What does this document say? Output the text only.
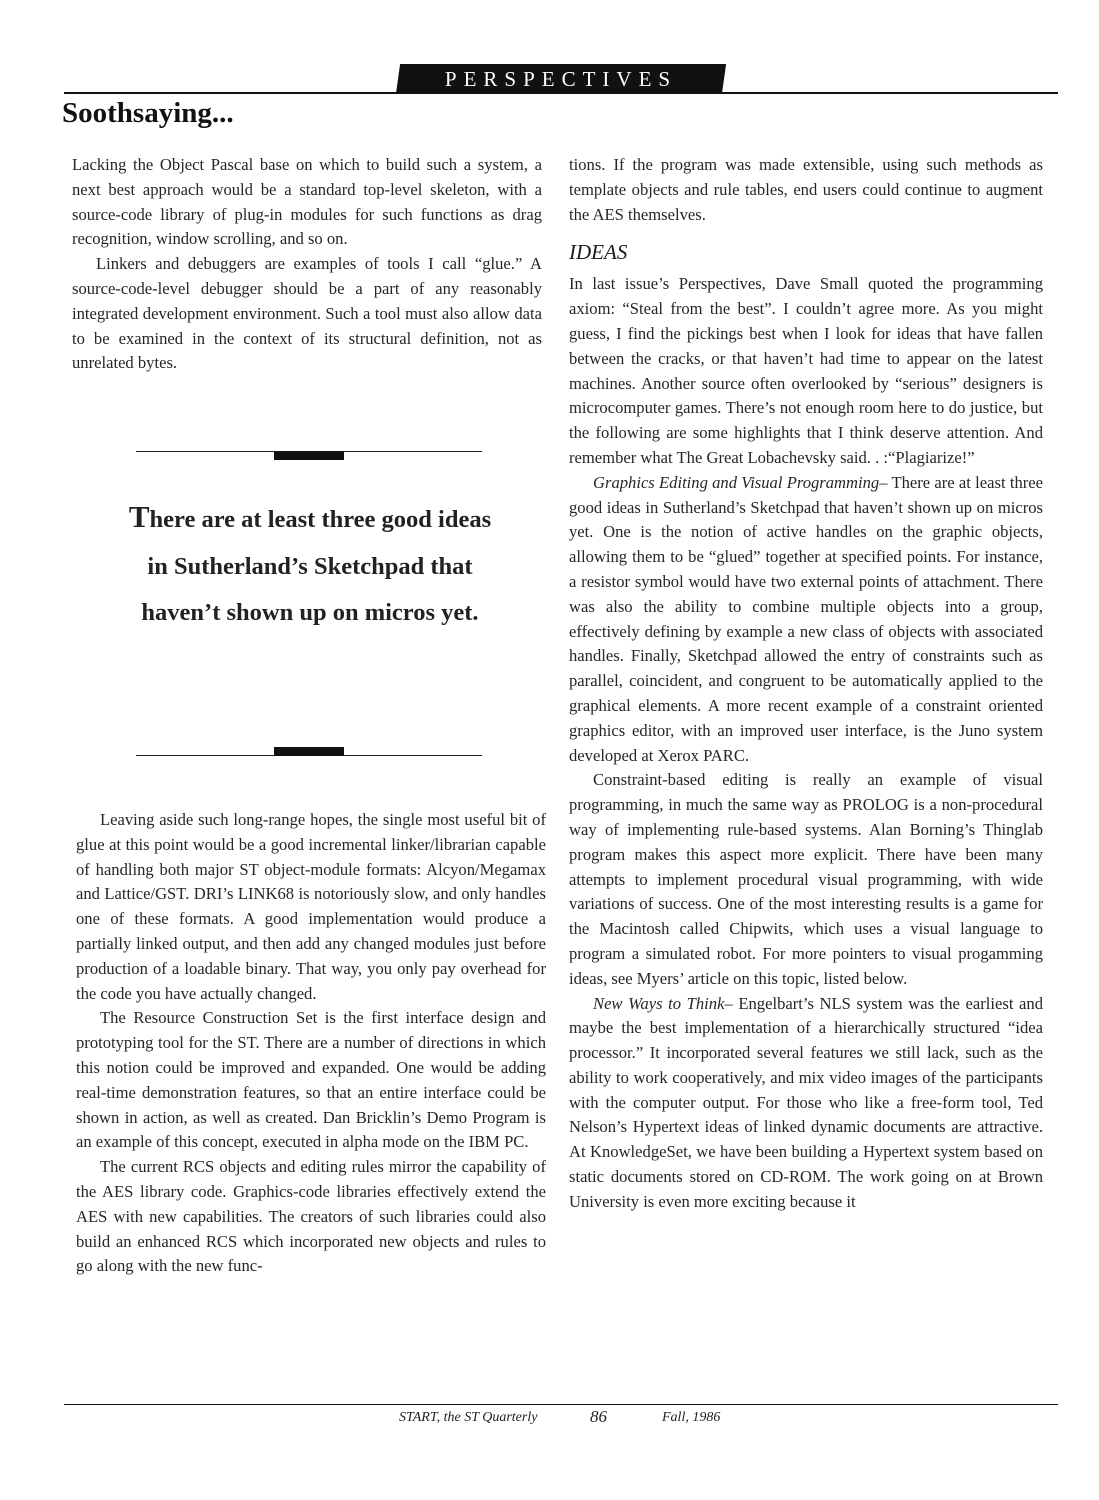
PERSPECTIVES
Soothsaying...

Lacking the Object Pascal base on which to build such a system, a next best approach would be a standard top-level skeleton, with a source-code library of plug-in modules for such functions as drag recognition, window scrolling, and so on.

Linkers and debuggers are examples of tools I call “glue.” A source-code-level debugger should be a part of any reasonably integrated development environment. Such a tool must also allow data to be examined in the context of its structural definition, not as unrelated bytes.

There are at least three good ideas in Sutherland’s Sketchpad that haven’t shown up on micros yet.

Leaving aside such long-range hopes, the single most useful bit of glue at this point would be a good incremental linker/librarian capable of handling both major ST object-module formats: Alcyon/Megamax and Lattice/GST. DRI’s LINK68 is notoriously slow, and only handles one of these formats. A good implementation would produce a partially linked output, and then add any changed modules just before production of a loadable binary. That way, you only pay overhead for the code you have actually changed.

The Resource Construction Set is the first interface design and prototyping tool for the ST. There are a number of directions in which this notion could be improved and expanded. One would be adding real-time demonstration features, so that an entire interface could be shown in action, as well as created. Dan Bricklin’s Demo Program is an example of this concept, executed in alpha mode on the IBM PC.

The current RCS objects and editing rules mirror the capability of the AES library code. Graphics-code libraries effectively extend the AES with new capabilities. The creators of such libraries could also build an enhanced RCS which incorporated new objects and rules to go along with the new func-

tions. If the program was made extensible, using such methods as template objects and rule tables, end users could continue to augment the AES themselves.

IDEAS

In last issue’s Perspectives, Dave Small quoted the programming axiom: “Steal from the best”. I couldn’t agree more. As you might guess, I find the pickings best when I look for ideas that have fallen between the cracks, or that haven’t had time to appear on the latest machines. Another source often overlooked by “serious” designers is microcomputer games. There’s not enough room here to do justice, but the following are some highlights that I think deserve attention. And remember what The Great Lobachevsky said. . :“Plagiarize!”

Graphics Editing and Visual Programming– There are at least three good ideas in Sutherland’s Sketchpad that haven’t shown up on micros yet. One is the notion of active handles on the graphic objects, allowing them to be “glued” together at specified points. For instance, a resistor symbol would have two external points of attachment. There was also the ability to combine multiple objects into a group, effectively defining by example a new class of objects with associated handles. Finally, Sketchpad allowed the entry of constraints such as parallel, coincident, and congruent to be automatically applied to the graphical elements. A more recent example of a constraint oriented graphics editor, with an improved user interface, is the Juno system developed at Xerox PARC.

Constraint-based editing is really an example of visual programming, in much the same way as PROLOG is a non-procedural way of implementing rule-based systems. Alan Borning’s Thinglab program makes this aspect more explicit. There have been many attempts to implement procedural visual programming, with wide variations of success. One of the most interesting results is a game for the Macintosh called Chipwits, which uses a visual language to program a simulated robot. For more pointers to visual progamming ideas, see Myers’ article on this topic, listed below.

New Ways to Think– Engelbart’s NLS system was the earliest and maybe the best implementation of a hierarchically structured “idea processor.” It incorporated several features we still lack, such as the ability to work cooperatively, and mix video images of the participants with the computer output. For those who like a free-form tool, Ted Nelson’s Hypertext ideas of linked dynamic documents are attractive. At KnowledgeSet, we have been building a Hypertext system based on static documents stored on CD-ROM. The work going on at Brown University is even more exciting because it

START, the ST Quarterly	86	Fall, 1986
